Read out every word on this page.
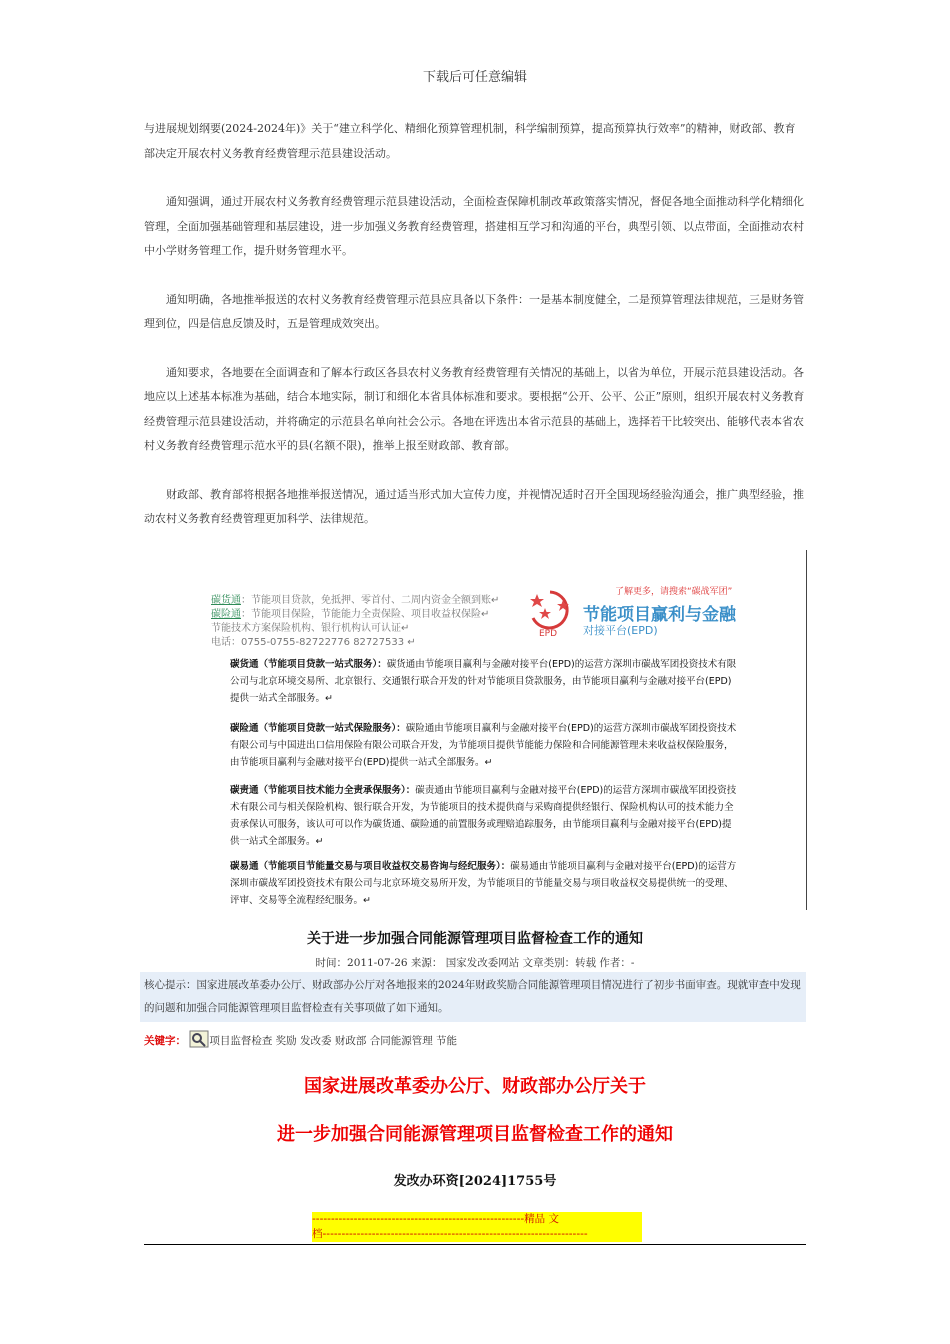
下载后可任意编辑

与进展规划纲要(2024-2024年)》关于“建立科学化、精细化预算管理机制，科学编制预算，提高预算执行效率”的精神，财政部、教育部决定开展农村义务教育经费管理示范县建设活动。

通知强调，通过开展农村义务教育经费管理示范县建设活动，全面检查保障机制改革政策落实情况，督促各地全面推动科学化精细化管理，全面加强基础管理和基层建设，进一步加强义务教育经费管理，搭建相互学习和沟通的平台，典型引领、以点带面，全面推动农村中小学财务管理工作，提升财务管理水平。

通知明确，各地推举报送的农村义务教育经费管理示范县应具备以下条件：一是基本制度健全，二是预算管理法律规范，三是财务管理到位，四是信息反馈及时，五是管理成效突出。

通知要求，各地要在全面调查和了解本行政区各县农村义务教育经费管理有关情况的基础上，以省为单位，开展示范县建设活动。各地应以上述基本标准为基础，结合本地实际，制订和细化本省具体标准和要求。要根据“公开、公平、公正”原则，组织开展农村义务教育经费管理示范县建设活动，并将确定的示范县名单向社会公示。各地在评选出本省示范县的基础上，选择若干比较突出、能够代表本省农村义务教育经费管理示范水平的县(名额不限)，推举上报至财政部、教育部。

财政部、教育部将根据各地推举报送情况，通过适当形式加大宣传力度，并视情况适时召开全国现场经验沟通会，推广典型经验，推动农村义务教育经费管理更加科学、法律规范。

碳货通：节能项目贷款，免抵押、零首付、二周内资金全额到账↵
碳险通：节能项目保险，节能能力全责保险、项目收益权保险↵
节能技术方案保险机构、银行机构认可认证↵
电话：0755-0755-82722776 82727533 ↵
EPD
了解更多，请搜索“碳战军团”
节能项目赢利与金融
对接平台(EPD)
碳货通（节能项目贷款一站式服务）：碳货通由节能项目赢利与金融对接平台(EPD)的运营方深圳市碳战军团投资技术有限公司与北京环境交易所、北京银行、交通银行联合开发的针对节能项目贷款服务，由节能项目赢利与金融对接平台(EPD)提供一站式全部服务。↵
碳险通（节能项目贷款一站式保险服务）：碳险通由节能项目赢利与金融对接平台(EPD)的运营方深圳市碳战军团投资技术有限公司与中国进出口信用保险有限公司联合开发，为节能项目提供节能能力保险和合同能源管理未来收益权保险服务，由节能项目赢利与金融对接平台(EPD)提供一站式全部服务。↵
碳责通（节能项目技术能力全责承保服务）：碳责通由节能项目赢利与金融对接平台(EPD)的运营方深圳市碳战军团投资技术有限公司与相关保险机构、银行联合开发，为节能项目的技术提供商与采购商提供经银行、保险机构认可的技术能力全责承保认可服务，该认可可以作为碳货通、碳险通的前置服务或理赔追踪服务，由节能项目赢利与金融对接平台(EPD)提供一站式全部服务。↵
碳易通（节能项目节能量交易与项目收益权交易咨询与经纪服务）：碳易通由节能项目赢利与金融对接平台(EPD)的运营方深圳市碳战军团投资技术有限公司与北京环境交易所开发，为节能项目的节能量交易与项目收益权交易提供统一的受理、评审、交易等全流程经纪服务。↵
关于进一步加强合同能源管理项目监督检查工作的通知
时间：2011-07-26 来源： 国家发改委网站 文章类别：转载 作者：-
核心提示：国家进展改革委办公厅、财政部办公厅对各地报来的2024年财政奖励合同能源管理项目情况进行了初步书面审查。现就审查中发现的问题和加强合同能源管理项目监督检查有关事项做了如下通知。
关键字： 项目监督检查 奖励 发改委 财政部 合同能源管理 节能
国家进展改革委办公厅、财政部办公厅关于
进一步加强合同能源管理项目监督检查工作的通知
发改办环资[2024]1755号
--------------------------------------------------------精品 文
档----------------------------------------------------------------------
